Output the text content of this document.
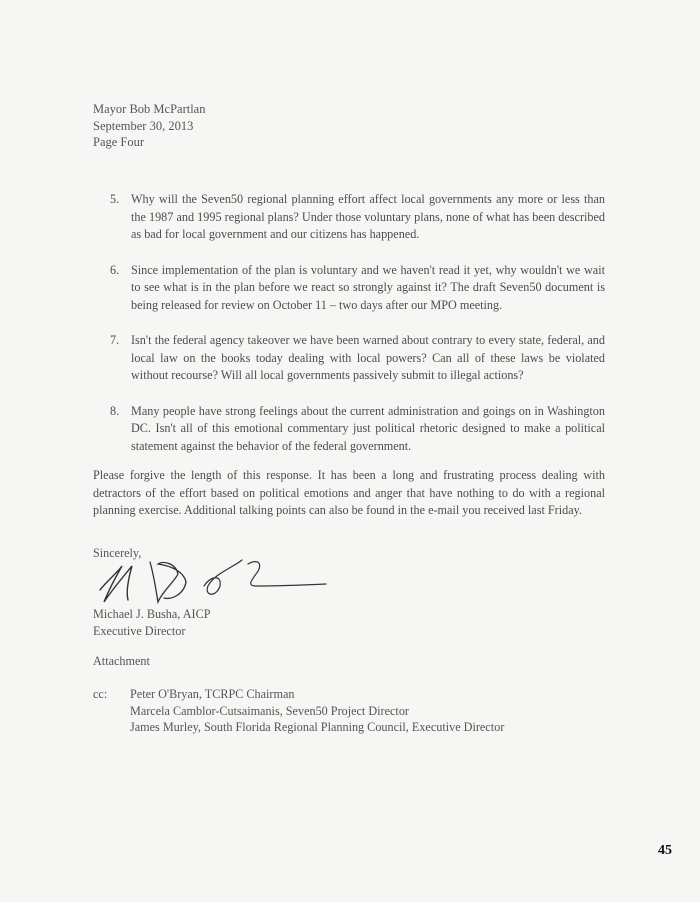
Mayor Bob McPartlan
September 30, 2013
Page Four
5. Why will the Seven50 regional planning effort affect local governments any more or less than the 1987 and 1995 regional plans? Under those voluntary plans, none of what has been described as bad for local government and our citizens has happened.
6. Since implementation of the plan is voluntary and we haven't read it yet, why wouldn't we wait to see what is in the plan before we react so strongly against it? The draft Seven50 document is being released for review on October 11 – two days after our MPO meeting.
7. Isn't the federal agency takeover we have been warned about contrary to every state, federal, and local law on the books today dealing with local powers? Can all of these laws be violated without recourse? Will all local governments passively submit to illegal actions?
8. Many people have strong feelings about the current administration and goings on in Washington DC. Isn't all of this emotional commentary just political rhetoric designed to make a political statement against the behavior of the federal government.
Please forgive the length of this response. It has been a long and frustrating process dealing with detractors of the effort based on political emotions and anger that have nothing to do with a regional planning exercise. Additional talking points can also be found in the e-mail you received last Friday.
Sincerely,
Michael J. Busha, AICP
Executive Director
Attachment
cc:	Peter O'Bryan, TCRPC Chairman
Marcela Camblor-Cutsaimanis, Seven50 Project Director
James Murley, South Florida Regional Planning Council, Executive Director
45
